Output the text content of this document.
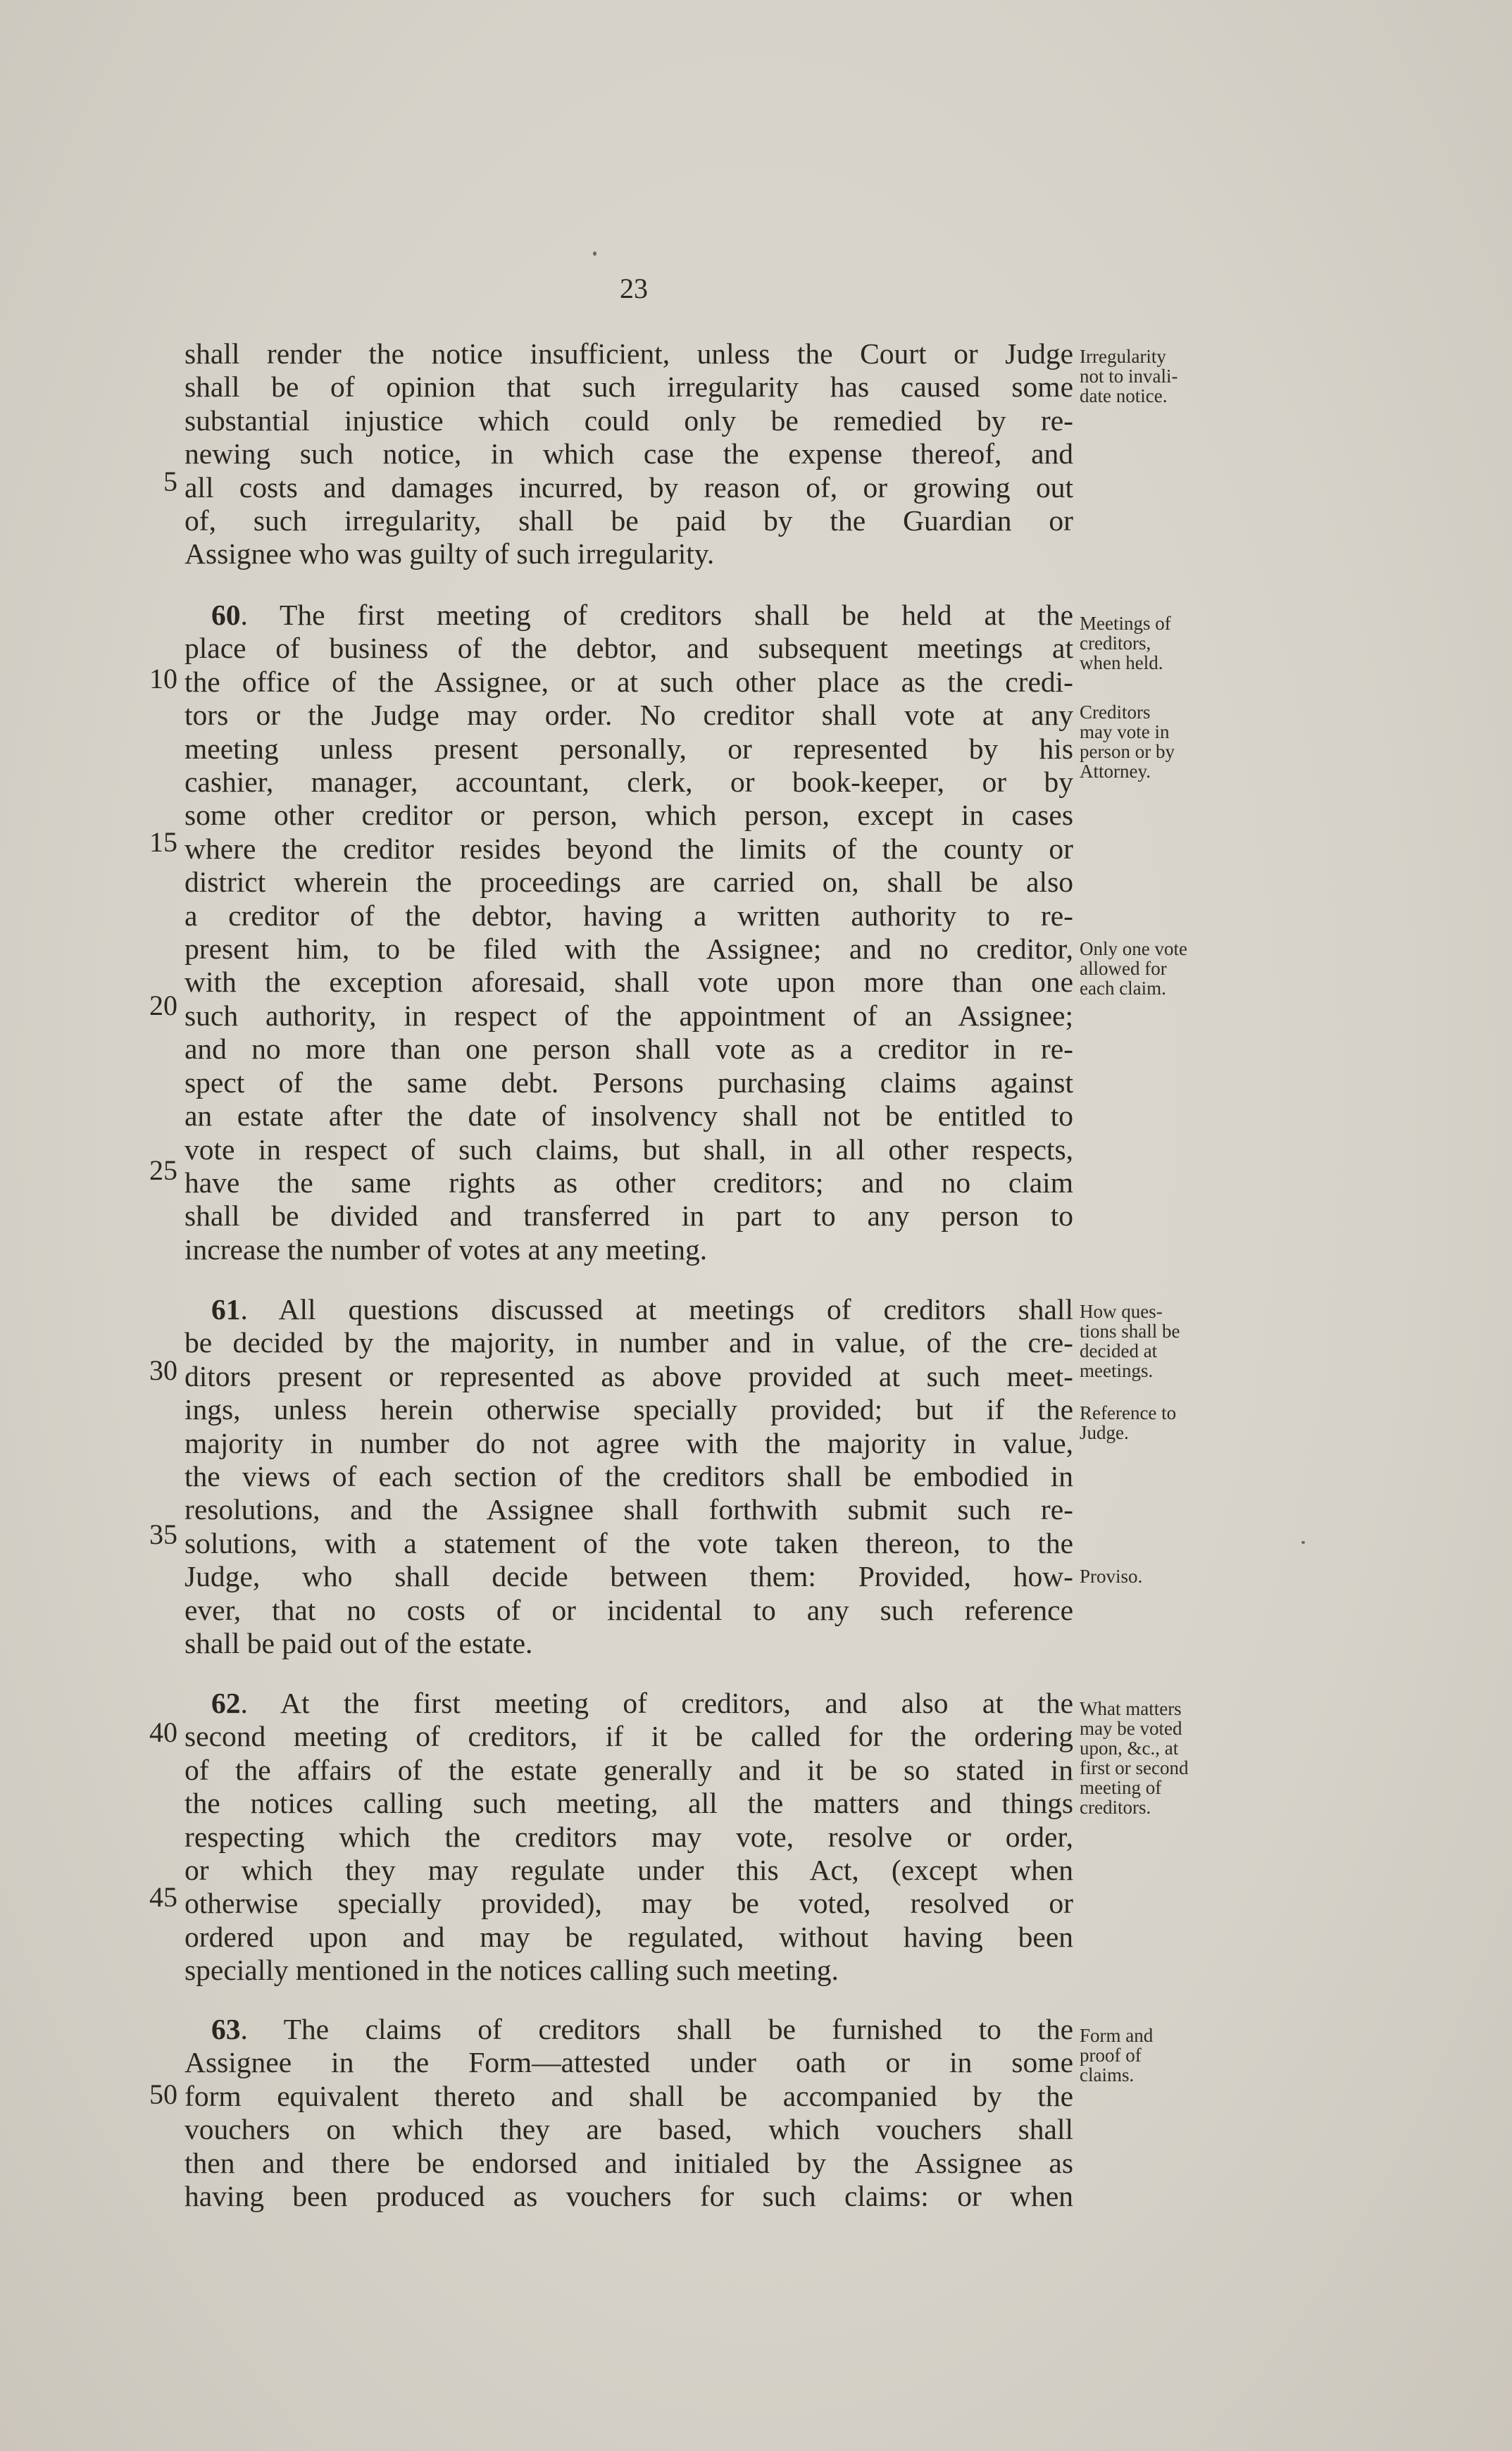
23
shall render the notice insufficient, unless the Court or Judge
shall be of opinion that such irregularity has caused some
substantial injustice which could only be remedied by re-
newing such notice, in which case the expense thereof, and
all costs and damages incurred, by reason of, or growing out
of, such irregularity, shall be paid by the Guardian or
Assignee who was guilty of such irregularity.
60. The first meeting of creditors shall be held at the
place of business of the debtor, and subsequent meetings at
the office of the Assignee, or at such other place as the credi-
tors or the Judge may order. No creditor shall vote at any
meeting unless present personally, or represented by his
cashier, manager, accountant, clerk, or book-keeper, or by
some other creditor or person, which person, except in cases
where the creditor resides beyond the limits of the county or
district wherein the proceedings are carried on, shall be also
a creditor of the debtor, having a written authority to re-
present him, to be filed with the Assignee; and no creditor,
with the exception aforesaid, shall vote upon more than one
such authority, in respect of the appointment of an Assignee;
and no more than one person shall vote as a creditor in re-
spect of the same debt. Persons purchasing claims against
an estate after the date of insolvency shall not be entitled to
vote in respect of such claims, but shall, in all other respects,
have the same rights as other creditors; and no claim
shall be divided and transferred in part to any person to
increase the number of votes at any meeting.
61. All questions discussed at meetings of creditors shall
be decided by the majority, in number and in value, of the cre-
ditors present or represented as above provided at such meet-
ings, unless herein otherwise specially provided; but if the
majority in number do not agree with the majority in value,
the views of each section of the creditors shall be embodied in
resolutions, and the Assignee shall forthwith submit such re-
solutions, with a statement of the vote taken thereon, to the
Judge, who shall decide between them: Provided, how-
ever, that no costs of or incidental to any such reference
shall be paid out of the estate.
62. At the first meeting of creditors, and also at the
second meeting of creditors, if it be called for the ordering
of the affairs of the estate generally and it be so stated in
the notices calling such meeting, all the matters and things
respecting which the creditors may vote, resolve or order,
or which they may regulate under this Act, (except when
otherwise specially provided), may be voted, resolved or
ordered upon and may be regulated, without having been
specially mentioned in the notices calling such meeting.
63. The claims of creditors shall be furnished to the
Assignee in the Form—attested under oath or in some
form equivalent thereto and shall be accompanied by the
vouchers on which they are based, which vouchers shall
then and there be endorsed and initialed by the Assignee as
having been produced as vouchers for such claims: or when
5
10
15
20
25
30
35
40
45
50
Irregularity
not to invali-
date notice.
Meetings of
creditors,
when held.
Creditors
may vote in
person or by
Attorney.
Only one vote
allowed for
each claim.
How ques-
tions shall be
decided at
meetings.
Reference to
Judge.
Proviso.
What matters
may be voted
upon, &c., at
first or second
meeting of
creditors.
Form and
proof of
claims.
